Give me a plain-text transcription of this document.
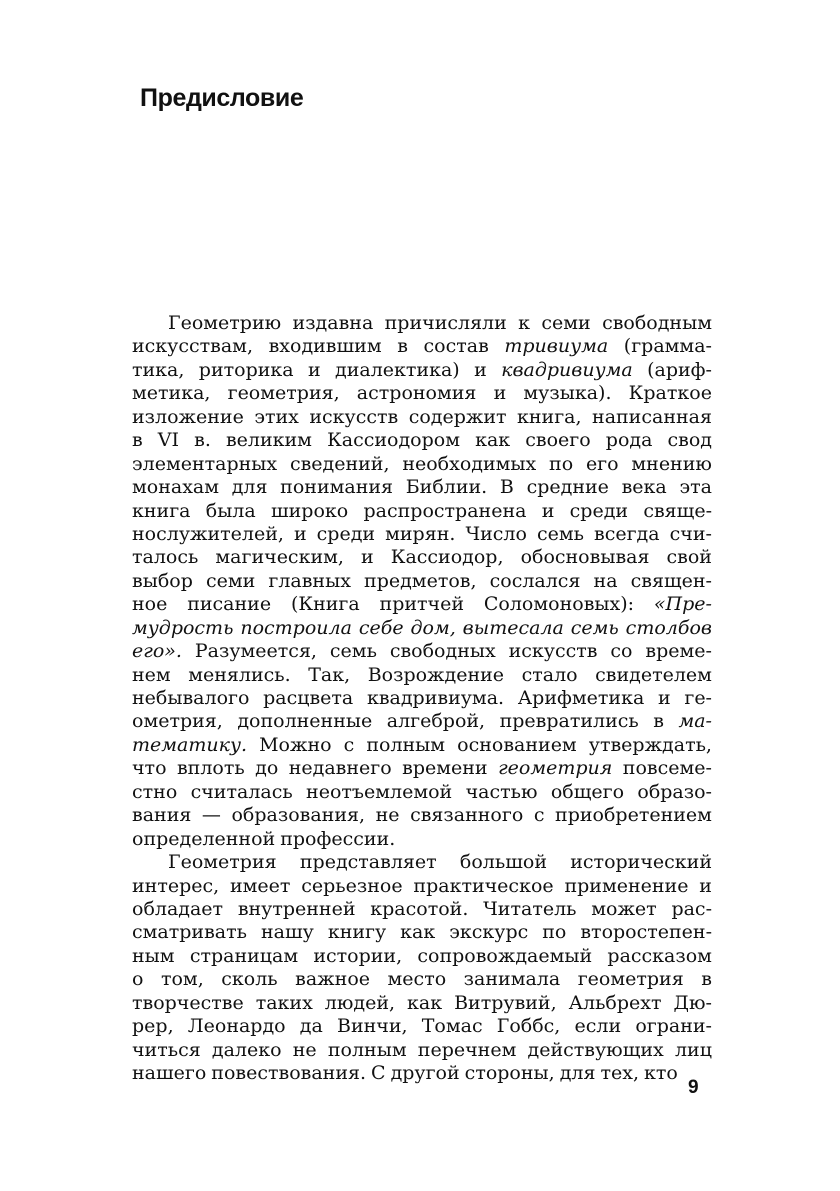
Предисловие
Геометрию издавна причисляли к семи свободным
искусствам, входившим в состав тривиума (грамма-
тика, риторика и диалектика) и квадривиума (ариф-
метика, геометрия, астрономия и музыка). Краткое
изложение этих искусств содержит книга, написанная
в VI в. великим Кассиодором как своего рода свод
элементарных сведений, необходимых по его мнению
монахам для понимания Библии. В средние века эта
книга была широко распространена и среди свяще-
нослужителей, и среди мирян. Число семь всегда счи-
талось магическим, и Кассиодор, обосновывая свой
выбор семи главных предметов, сослался на священ-
ное писание (Книга притчей Соломоновых): «Пре-
мудрость построила себе дом, вытесала семь столбов
его». Разумеется, семь свободных искусств со време-
нем менялись. Так, Возрождение стало свидетелем
небывалого расцвета квадривиума. Арифметика и ге-
ометрия, дополненные алгеброй, превратились в ма-
тематику. Можно с полным основанием утверждать,
что вплоть до недавнего времени геометрия повсеме-
стно считалась неотъемлемой частью общего образо-
вания — образования, не связанного с приобретением
определенной профессии.
Геометрия представляет большой исторический
интерес, имеет серьезное практическое применение и
обладает внутренней красотой. Читатель может рас-
сматривать нашу книгу как экскурс по второстепен-
ным страницам истории, сопровождаемый рассказом
о том, сколь важное место занимала геометрия в
творчестве таких людей, как Витрувий, Альбрехт Дю-
рер, Леонардо да Винчи, Томас Гоббс, если ограни-
читься далеко не полным перечнем действующих лиц
нашего повествования. С другой стороны, для тех, кто
9
